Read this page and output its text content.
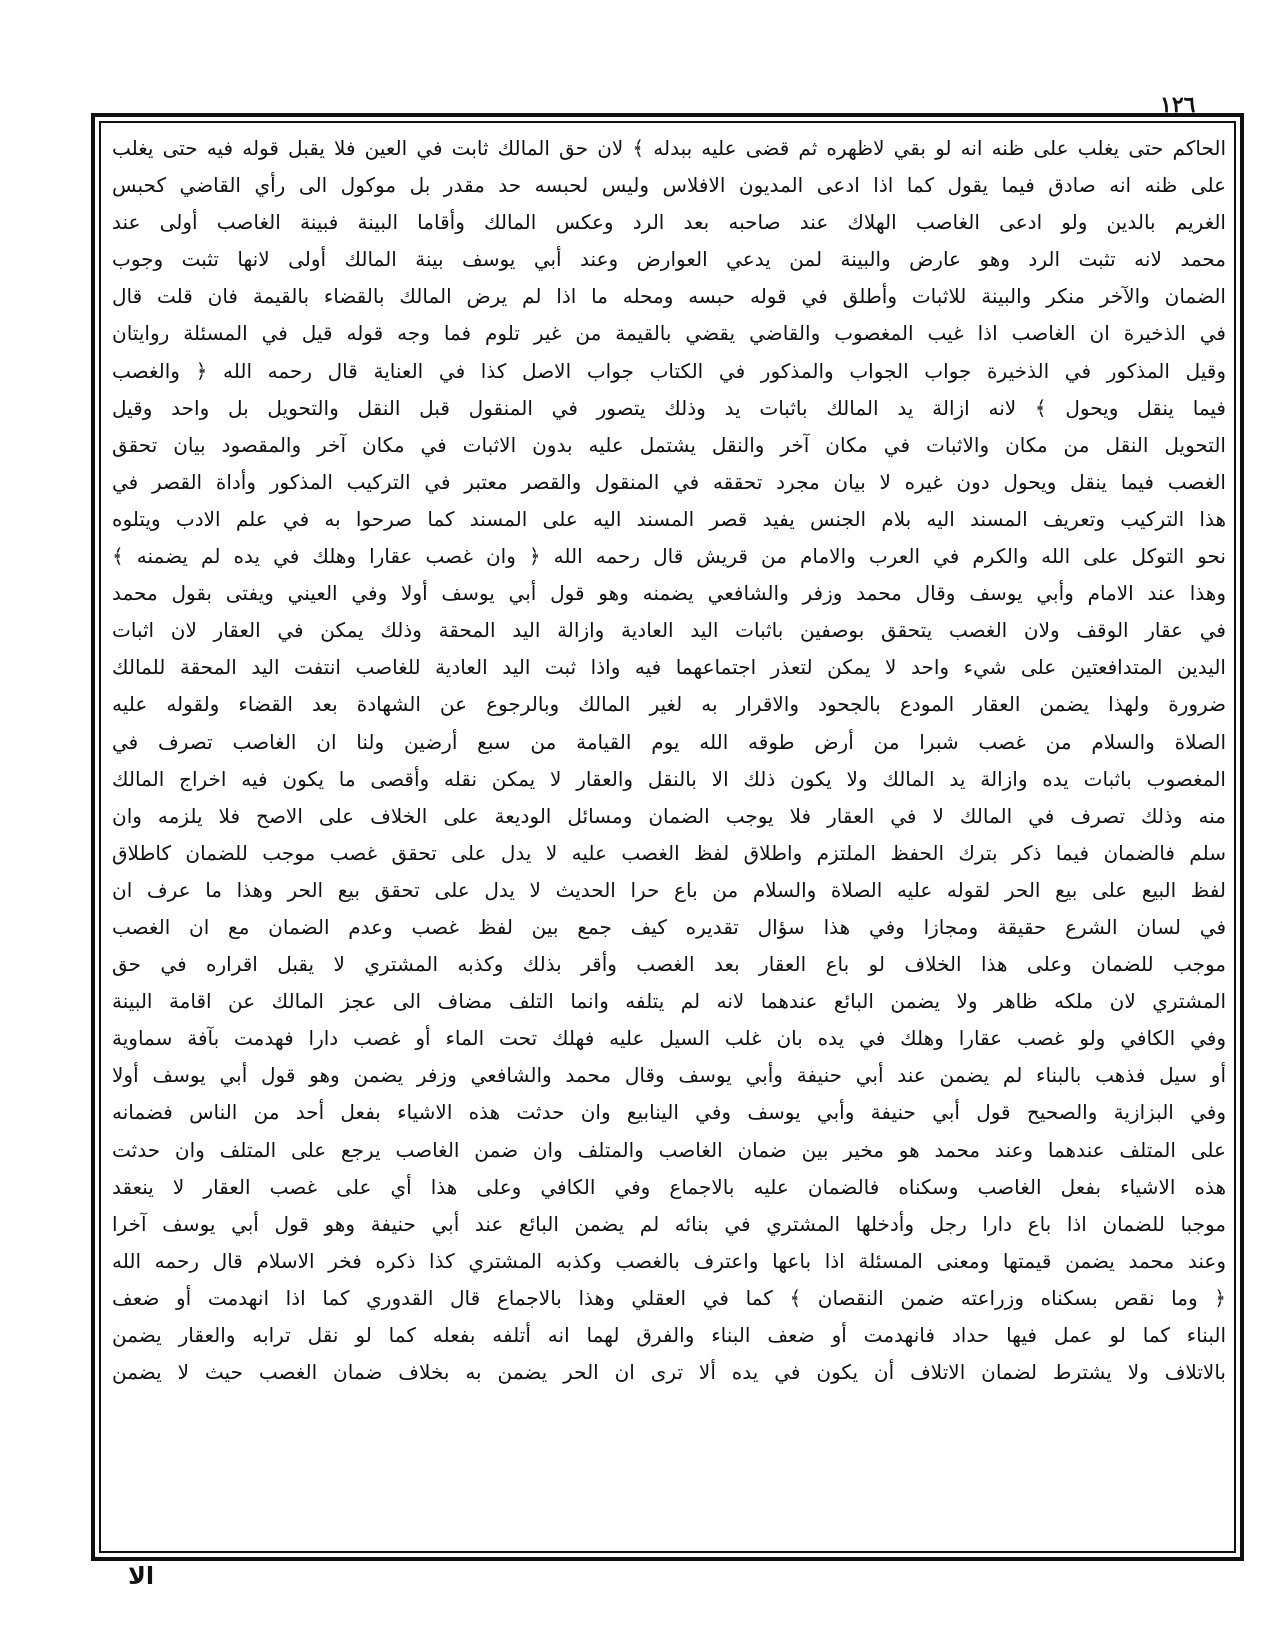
١٢٦
الحاكم حتى يغلب على ظنه انه لو بقي لاظهره ثم قضى عليه ببدله ﴾ لان حق المالك ثابت في العين فلا يقبل قوله فيه حتى يغلب
على ظنه انه صادق فيما يقول كما اذا ادعى المديون الافلاس وليس لحبسه حد مقدر بل موكول الى رأي القاضي كحبس
الغريم بالدين ولو ادعى الغاصب الهلاك عند صاحبه بعد الرد وعكس المالك وأقاما البينة فبينة الغاصب أولى عند
محمد لانه تثبت الرد وهو عارض والبينة لمن يدعي العوارض وعند أبي يوسف بينة المالك أولى لانها تثبت وجوب
الضمان والآخر منكر والبينة للاثبات وأطلق في قوله حبسه ومحله ما اذا لم يرض المالك بالقضاء بالقيمة فان قلت قال
في الذخيرة ان الغاصب اذا غيب المغصوب والقاضي يقضي بالقيمة من غير تلوم فما وجه قوله قيل في المسئلة روايتان
وقيل المذكور في الذخيرة جواب الجواب والمذكور في الكتاب جواب الاصل كذا في العناية قال رحمه الله ﴿ والغصب
فيما ينقل ويحول ﴾ لانه ازالة يد المالك باثبات يد وذلك يتصور في المنقول قبل النقل والتحويل بل واحد وقيل
التحويل النقل من مكان والاثبات في مكان آخر والنقل يشتمل عليه بدون الاثبات في مكان آخر والمقصود بيان تحقق
الغصب فيما ينقل ويحول دون غيره لا بيان مجرد تحققه في المنقول والقصر معتبر في التركيب المذكور وأداة القصر في
هذا التركيب وتعريف المسند اليه بلام الجنس يفيد قصر المسند اليه على المسند كما صرحوا به في علم الادب ويتلوه
نحو التوكل على الله والكرم في العرب والامام من قريش قال رحمه الله ﴿ وان غصب عقارا وهلك في يده لم يضمنه ﴾
وهذا عند الامام وأبي يوسف وقال محمد وزفر والشافعي يضمنه وهو قول أبي يوسف أولا وفي العيني ويفتى بقول محمد
في عقار الوقف ولان الغصب يتحقق بوصفين باثبات اليد العادية وازالة اليد المحقة وذلك يمكن في العقار لان اثبات
اليدين المتدافعتين على شيء واحد لا يمكن لتعذر اجتماعهما فيه واذا ثبت اليد العادية للغاصب انتفت اليد المحقة للمالك
ضرورة ولهذا يضمن العقار المودع بالجحود والاقرار به لغير المالك وبالرجوع عن الشهادة بعد القضاء ولقوله عليه
الصلاة والسلام من غصب شبرا من أرض طوقه الله يوم القيامة من سبع أرضين ولنا ان الغاصب تصرف في
المغصوب باثبات يده وازالة يد المالك ولا يكون ذلك الا بالنقل والعقار لا يمكن نقله وأقصى ما يكون فيه اخراج المالك
منه وذلك تصرف في المالك لا في العقار فلا يوجب الضمان ومسائل الوديعة على الخلاف على الاصح فلا يلزمه وان
سلم فالضمان فيما ذكر بترك الحفظ الملتزم واطلاق لفظ الغصب عليه لا يدل على تحقق غصب موجب للضمان كاطلاق
لفظ البيع على بيع الحر لقوله عليه الصلاة والسلام من باع حرا الحديث لا يدل على تحقق بيع الحر وهذا ما عرف ان
في لسان الشرع حقيقة ومجازا وفي هذا سؤال تقديره كيف جمع بين لفظ غصب وعدم الضمان مع ان الغصب
موجب للضمان وعلى هذا الخلاف لو باع العقار بعد الغصب وأقر بذلك وكذبه المشتري لا يقبل اقراره في حق
المشتري لان ملكه ظاهر ولا يضمن البائع عندهما لانه لم يتلفه وانما التلف مضاف الى عجز المالك عن اقامة البينة
وفي الكافي ولو غصب عقارا وهلك في يده بان غلب السيل عليه فهلك تحت الماء أو غصب دارا فهدمت بآفة سماوية
أو سيل فذهب بالبناء لم يضمن عند أبي حنيفة وأبي يوسف وقال محمد والشافعي وزفر يضمن وهو قول أبي يوسف أولا
وفي البزازية والصحيح قول أبي حنيفة وأبي يوسف وفي الينابيع وان حدثت هذه الاشياء بفعل أحد من الناس فضمانه
على المتلف عندهما وعند محمد هو مخير بين ضمان الغاصب والمتلف وان ضمن الغاصب يرجع على المتلف وان حدثت
هذه الاشياء بفعل الغاصب وسكناه فالضمان عليه بالاجماع وفي الكافي وعلى هذا أي على غصب العقار لا ينعقد
موجبا للضمان اذا باع دارا رجل وأدخلها المشتري في بنائه لم يضمن البائع عند أبي حنيفة وهو قول أبي يوسف آخرا
وعند محمد يضمن قيمتها ومعنى المسئلة اذا باعها واعترف بالغصب وكذبه المشتري كذا ذكره فخر الاسلام قال رحمه الله
﴿ وما نقص بسكناه وزراعته ضمن النقصان ﴾ كما في العقلي وهذا بالاجماع قال القدوري كما اذا انهدمت أو ضعف
البناء كما لو عمل فيها حداد فانهدمت أو ضعف البناء والفرق لهما انه أتلفه بفعله كما لو نقل ترابه والعقار يضمن
بالاتلاف ولا يشترط لضمان الاتلاف أن يكون في يده ألا ترى ان الحر يضمن به بخلاف ضمان الغصب حيث لا يضمن
الا
